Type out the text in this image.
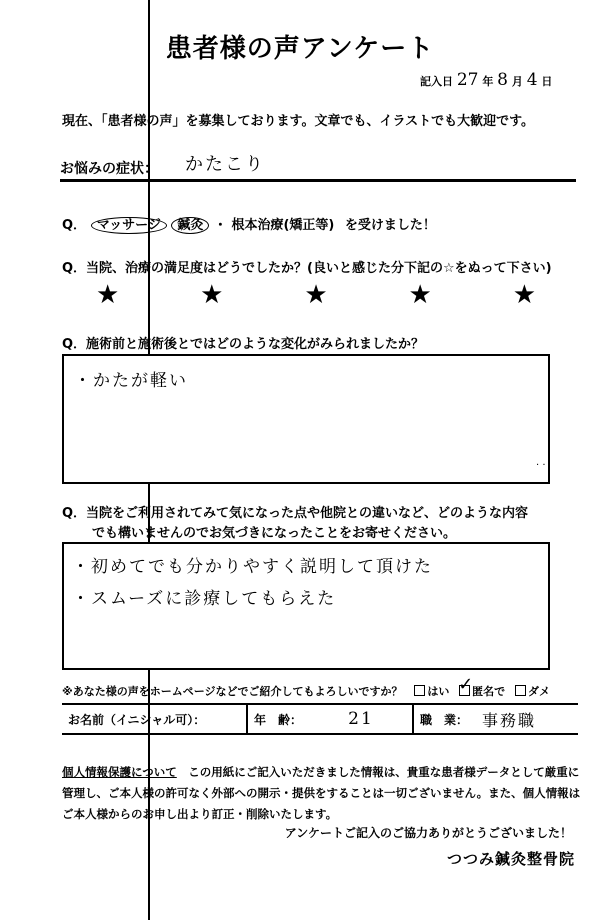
患者様の声アンケート
記入日 27 年 8 月 4 日
現在、「患者様の声」を募集しております。文章でも、イラストでも大歓迎です。
お悩みの症状： かたこり
Q． マッサージ 鍼灸 ・ 根本治療(矯正等) を受けました！
Q．当院、治療の満足度はどうでしたか？(良いと感じた分下記の☆をぬって下さい)
★	★	★	★	★
Q．施術前と施術後とではどのような変化がみられましたか？
・かたが軽い
· ·
Q．当院をご利用されてみて気になった点や他院との違いなど、どのような内容
でも構いませんのでお気づきになったことをお寄せください。
・初めてでも分かりやすく説明して頂けた
・スムーズに診療してもらえた
※あなた様の声をホームページなどでご紹介してもよろしいですか？ はい ✓ 匿名で ダメ
お名前（イニシャル可）：		年　齢：	21	職　業：	事務職
個人情報保護について　この用紙にご記入いただきました情報は、貴重な患者様データとして厳重に
管理し、ご本人様の許可なく外部への開示・提供をすることは一切ございません。また、個人情報は
ご本人様からのお申し出より訂正・削除いたします。
アンケートご記入のご協力ありがとうございました！
つつみ鍼灸整骨院
